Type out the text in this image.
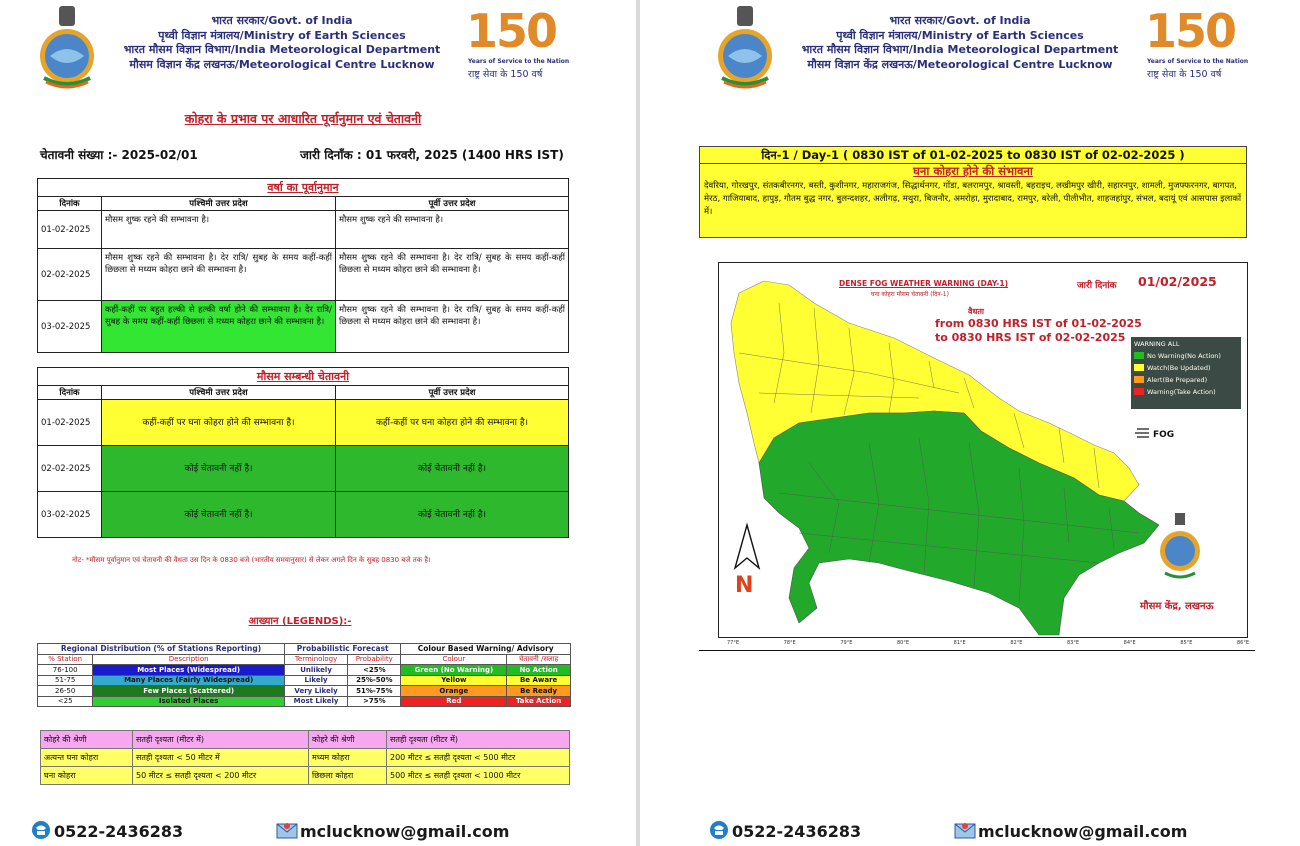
भारत सरकार/Govt. of India
पृथ्वी विज्ञान मंत्रालय/Ministry of Earth Sciences
भारत मौसम विज्ञान विभाग/India Meteorological Department
मौसम विज्ञान केंद्र लखनऊ/Meteorological Centre Lucknow
150
Years of Service to the Nation
राष्ट्र सेवा के 150 वर्ष
कोहरा के प्रभाव पर आधारित पूर्वानुमान एवं चेतावनी
चेतावनी संख्या :- 2025-02/01	जारी दिनाँक : 01 फरवरी, 2025 (1400 HRS IST)
वर्षा का पूर्वानुमान		
दिनांक	पश्चिमी उत्तर प्रदेश	पूर्वी उत्तर प्रदेश
01-02-2025	मौसम शुष्क रहने की सम्भावना है।	मौसम शुष्क रहने की सम्भावना है।
02-02-2025	मौसम शुष्क रहने की सम्भावना है। देर रात्रि/ सुबह के समय कहीं-कहीं छिछला से मध्यम कोहरा छाने की सम्भावना है।	मौसम शुष्क रहने की सम्भावना है। देर रात्रि/ सुबह के समय कहीं-कहीं छिछला से मध्यम कोहरा छाने की सम्भावना है।
03-02-2025	कहीं-कहीं पर बहुत हल्की से हल्की वर्षा होने की सम्भावना है। देर रात्रि/ सुबह के समय कहीं-कहीं छिछला से मध्यम कोहरा छाने की सम्भावना है।	मौसम शुष्क रहने की सम्भावना है। देर रात्रि/ सुबह के समय कहीं-कहीं छिछला से मध्यम कोहरा छाने की सम्भावना है।
मौसम सम्बन्धी चेतावनी		
दिनांक	पश्चिमी उत्तर प्रदेश	पूर्वी उत्तर प्रदेश
01-02-2025	कहीं-कहीं पर घना कोहरा होने की सम्भावना है।	कहीं-कहीं पर घना कोहरा होने की सम्भावना है।
02-02-2025	कोई चेतावनी नहीं है।	कोई चेतावनी नहीं है।
03-02-2025	कोई चेतावनी नहीं है।	कोई चेतावनी नहीं है।
नोट- *मौसम पूर्वानुमान एवं चेतावनी की वैधता उस दिन के 0830 बजे (भारतीय समयानुसार) से लेकर अगले दिन के सुबह 0830 बजे तक है।
आख्यान (LEGENDS):-
Regional Distribution (% of Stations Reporting)		Probabilistic Forecast		Colour Based Warning/ Advisory	
% Station	Description	Terminology	Probability	Colour	चेतावनी /सलाह
76-100	Most Places (Widespread)	Unlikely	<25%	Green (No Warning)	No Action
51-75	Many Places (Fairly Widespread)	Likely	25%-50%	Yellow	Be Aware
26-50	Few Places (Scattered)	Very Likely	51%-75%	Orange	Be Ready
<25	Isolated Places	Most Likely	>75%	Red	Take Action
कोहरे की श्रेणी	सतही दृश्यता (मीटर में)	कोहरे की श्रेणी	सतही दृश्यता (मीटर में)
अत्यन्त घना कोहरा	सतही दृश्यता < 50 मीटर में	मध्यम कोहरा	200 मीटर ≤ सतही दृश्यता < 500 मीटर
घना कोहरा	50 मीटर ≤ सतही दृश्यता < 200 मीटर	छिछला कोहरा	500 मीटर ≤ सतही दृश्यता < 1000 मीटर
0522-2436283	mclucknow@gmail.com
भारत सरकार/Govt. of India
पृथ्वी विज्ञान मंत्रालय/Ministry of Earth Sciences
भारत मौसम विज्ञान विभाग/India Meteorological Department
मौसम विज्ञान केंद्र लखनऊ/Meteorological Centre Lucknow
150
Years of Service to the Nation
राष्ट्र सेवा के 150 वर्ष
दिन-1 / Day-1 ( 0830 IST of 01-02-2025 to 0830 IST of 02-02-2025 )
घना कोहरा होने की संभावना
देवरिया, गोरखपुर, संतकबीरनगर, बस्ती, कुशीनगर, महाराजगंज, सिद्धार्थनगर, गोंडा, बलरामपुर, श्रावस्ती, बहराइच, लखीमपुर खीरी, सहारनपुर, शामली, मुजफ्फरनगर, बागपत, मेरठ, गाजियाबाद, हापुड़, गौतम बुद्ध नगर, बुलन्दशहर, अलीगढ़, मथुरा, बिजनौर, अमरोहा, मुरादाबाद, रामपुर, बरेली, पीलीभीत, शाहजहांपुर, संभल, बदायूं एवं आसपास इलाकों में।
DENSE FOG WEATHER WARNING (DAY-1)
घना कोहरा मौसम चेतावनी (दिन-1)
जारी दिनांक 01/02/2025
वैधता
from 0830 HRS IST of 01-02-2025
to 0830 HRS IST of 02-02-2025 WARNING ALL
No Warning(No Action)
Watch(Be Updated)
Alert(Be Prepared)
Warning(Take Action)
FOG
N
मौसम केंद्र, लखनऊ
77°E	78°E	79°E	80°E	81°E	82°E	83°E	84°E	85°E	86°E
0522-2436283	mclucknow@gmail.com
